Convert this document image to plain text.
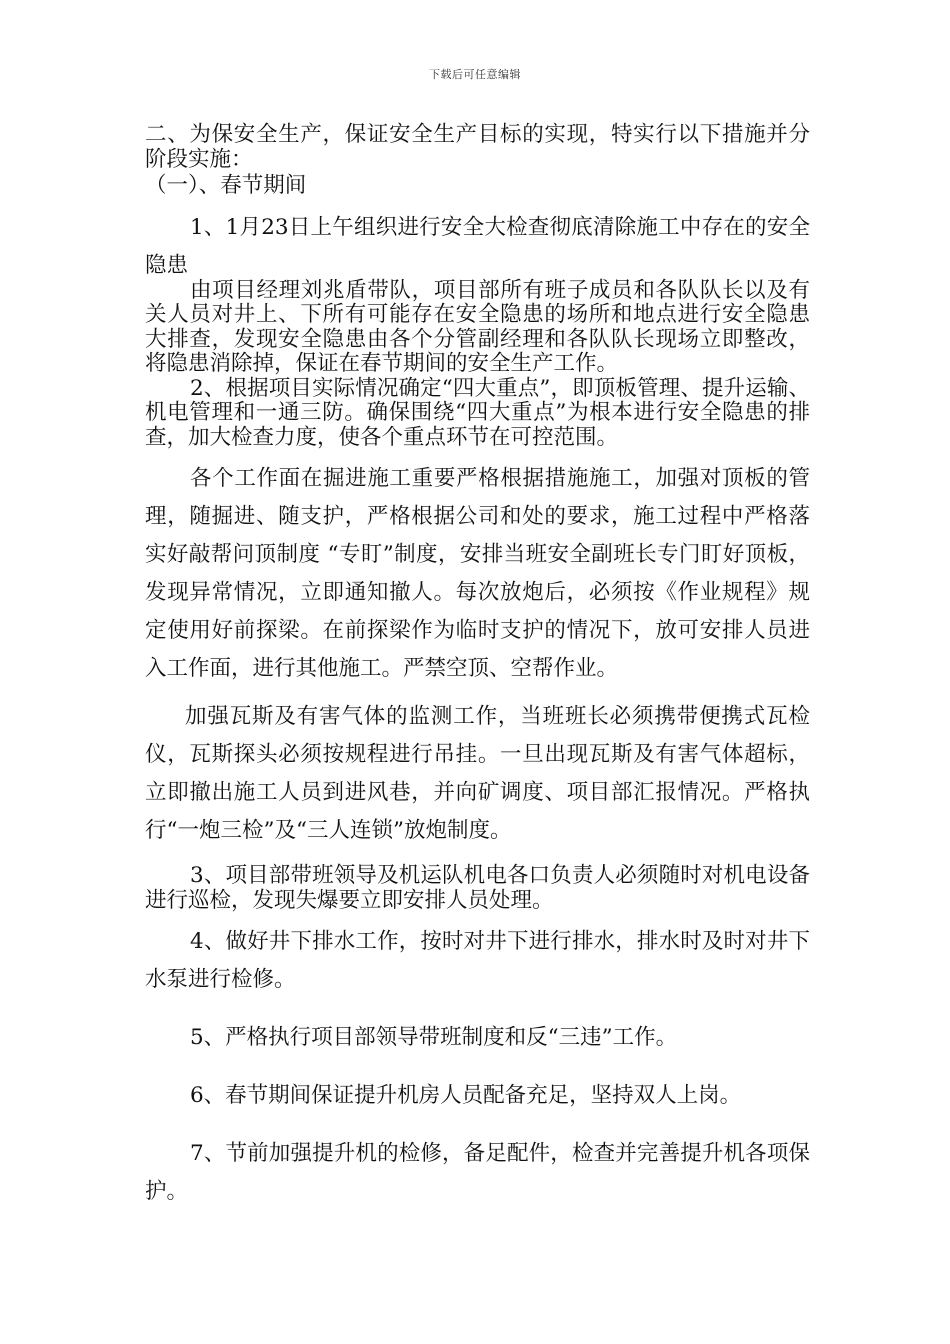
下载后可任意编辑

二、为保安全生产，保证安全生产目标的实现，特实行以下措施并分阶段实施：

（一）、春节期间

1、1月23日上午组织进行安全大检查彻底清除施工中存在的安全隐患

由项目经理刘兆盾带队，项目部所有班子成员和各队队长以及有关人员对井上、下所有可能存在安全隐患的场所和地点进行安全隐患大排查，发现安全隐患由各个分管副经理和各队队长现场立即整改，将隐患消除掉，保证在春节期间的安全生产工作。

2、根据项目实际情况确定“四大重点”，即顶板管理、提升运输、机电管理和一通三防。确保围绕“四大重点”为根本进行安全隐患的排查，加大检查力度，使各个重点环节在可控范围。

各个工作面在掘进施工重要严格根据措施施工，加强对顶板的管理，随掘进、随支护，严格根据公司和处的要求，施工过程中严格落实好敲帮问顶制度 “专盯”制度，安排当班安全副班长专门盯好顶板，发现异常情况，立即通知撤人。每次放炮后，必须按《作业规程》规定使用好前探梁。在前探梁作为临时支护的情况下，放可安排人员进入工作面，进行其他施工。严禁空顶、空帮作业。

加强瓦斯及有害气体的监测工作，当班班长必须携带便携式瓦检仪，瓦斯探头必须按规程进行吊挂。一旦出现瓦斯及有害气体超标，立即撤出施工人员到进风巷，并向矿调度、项目部汇报情况。严格执行“一炮三检”及“三人连锁”放炮制度。

3、项目部带班领导及机运队机电各口负责人必须随时对机电设备进行巡检，发现失爆要立即安排人员处理。

4、做好井下排水工作，按时对井下进行排水，排水时及时对井下水泵进行检修。

5、严格执行项目部领导带班制度和反“三违”工作。

6、春节期间保证提升机房人员配备充足，坚持双人上岗。

7、节前加强提升机的检修，备足配件，检查并完善提升机各项保护。
